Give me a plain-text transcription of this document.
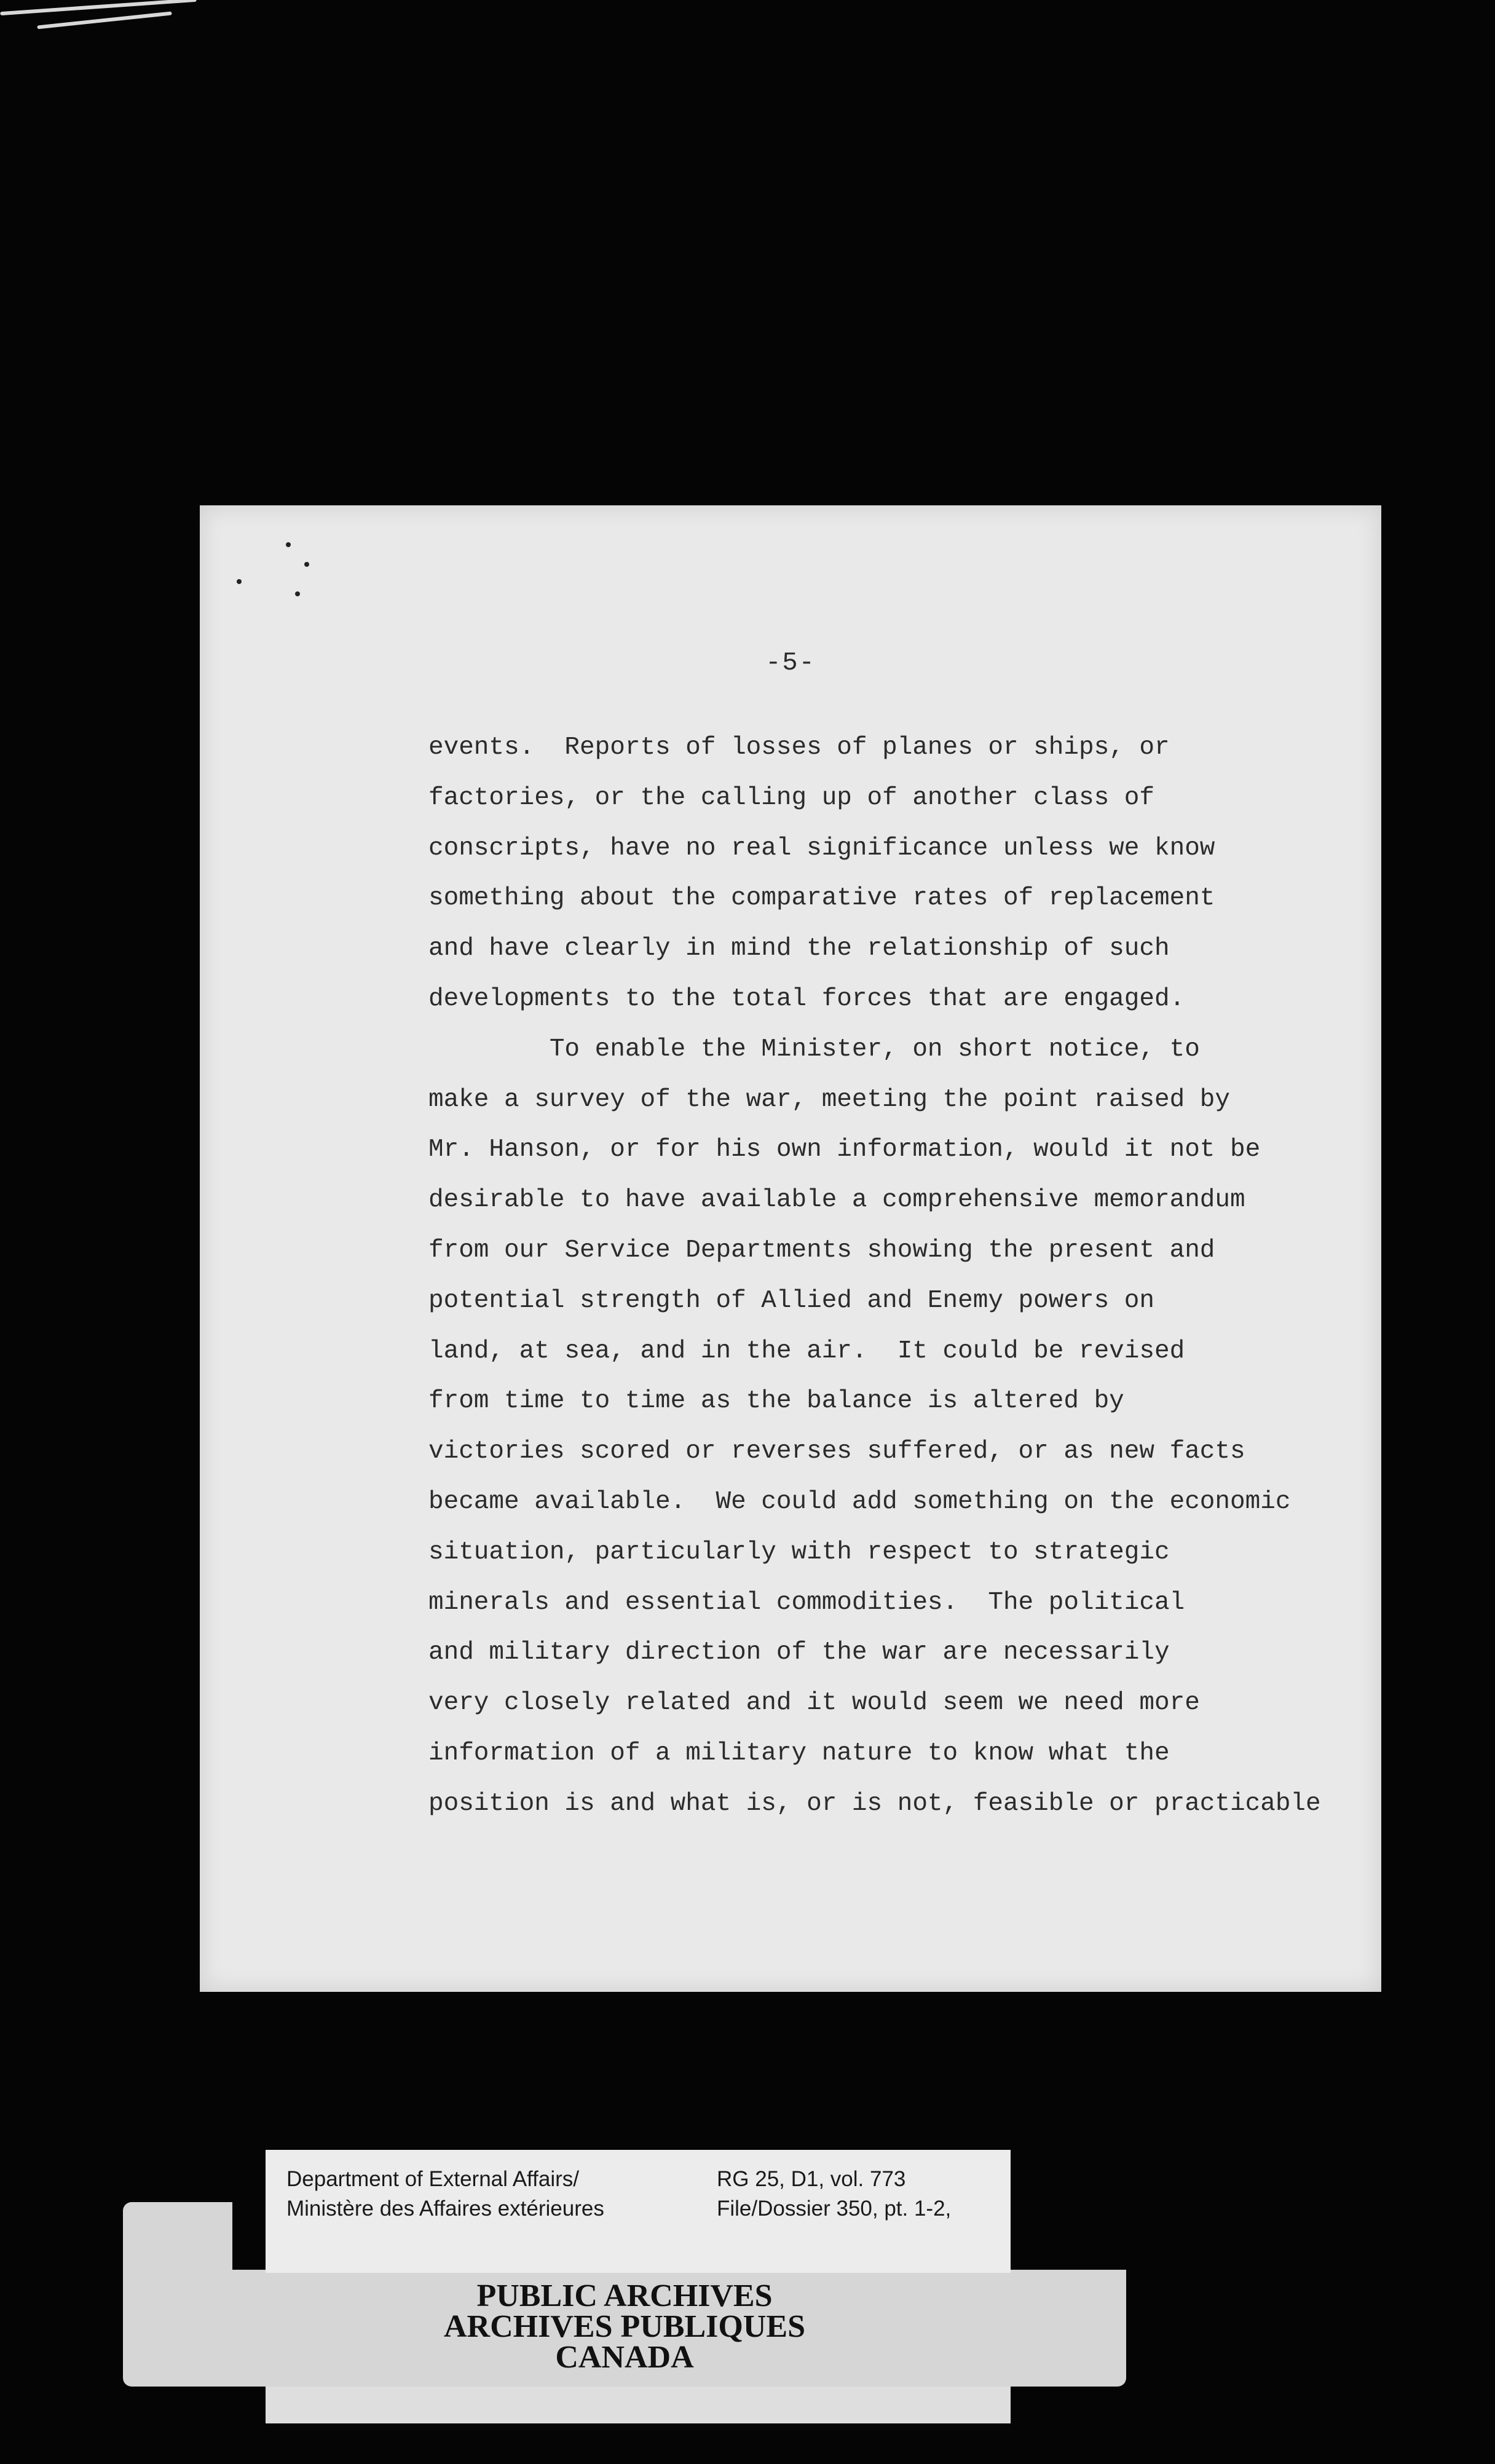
-5-
events.  Reports of losses of planes or ships, or
factories, or the calling up of another class of
conscripts, have no real significance unless we know
something about the comparative rates of replacement
and have clearly in mind the relationship of such
developments to the total forces that are engaged.
To enable the Minister, on short notice, to
make a survey of the war, meeting the point raised by
Mr. Hanson, or for his own information, would it not be
desirable to have available a comprehensive memorandum
from our Service Departments showing the present and
potential strength of Allied and Enemy powers on
land, at sea, and in the air.  It could be revised
from time to time as the balance is altered by
victories scored or reverses suffered, or as new facts
became available.  We could add something on the economic
situation, particularly with respect to strategic
minerals and essential commodities.  The political
and military direction of the war are necessarily
very closely related and it would seem we need more
information of a military nature to know what the
position is and what is, or is not, feasible or practicable
Department of External Affairs/
Ministère des Affaires extérieures
RG 25, D1, vol. 773
File/Dossier 350, pt. 1-2,
PUBLIC ARCHIVES
ARCHIVES PUBLIQUES
CANADA
